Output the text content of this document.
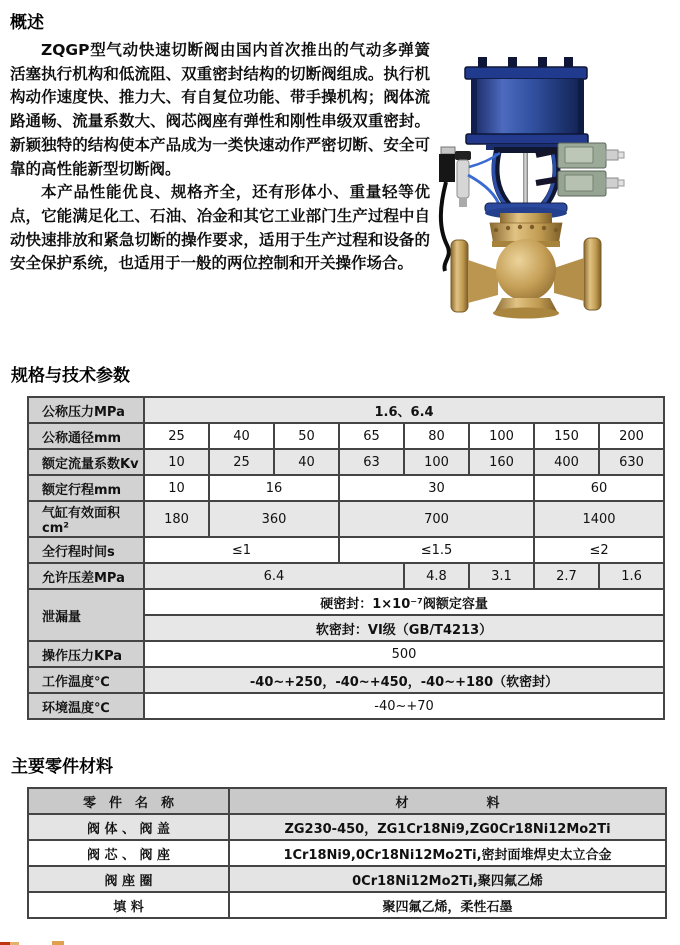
概述

ZQGP型气动快速切断阀由国内首次推出的气动多弹簧活塞执行机构和低流阻、双重密封结构的切断阀组成。执行机构动作速度快、推力大、有自复位功能、带手操机构；阀体流路通畅、流量系数大、阀芯阀座有弹性和刚性串级双重密封。新颖独特的结构使本产品成为一类快速动作严密切断、安全可靠的高性能新型切断阀。

本产品性能优良、规格齐全，还有形体小、重量轻等优点，它能满足化工、石油、冶金和其它工业部门生产过程中自动快速排放和紧急切断的操作要求，适用于生产过程和设备的安全保护系统，也适用于一般的两位控制和开关操作场合。

规格与技术参数
公称压力MPa	1.6、6.4							
公称通径mm	25	40	50	65	80	100	150	200
额定流量系数Kv	10	25	40	63	100	160	400	630
额定行程mm	10	16		30			60	
气缸有效面积cm²	180	360		700			1400	
全行程时间s	≤1			≤1.5			≤2	
允许压差MPa	6.4				4.8	3.1	2.7	1.6
泄漏量	硬密封：1×10⁻⁷阀额定容量							
	软密封：VI级（GB/T4213）							
操作压力KPa	500							
工作温度℃	-40~+250，-40~+450，-40~+180（软密封）							
环境温度℃	-40~+70							
主要零件材料
零　件　名　称	材　　　　　　料
阀 体 、 阀 盖	ZG230-450，ZG1Cr18Ni9,ZG0Cr18Ni12Mo2Ti
阀 芯 、 阀 座	1Cr18Ni9,0Cr18Ni12Mo2Ti,密封面堆焊史太立合金
阀 座 圈	0Cr18Ni12Mo2Ti,聚四氟乙烯
填 料	聚四氟乙烯，柔性石墨
